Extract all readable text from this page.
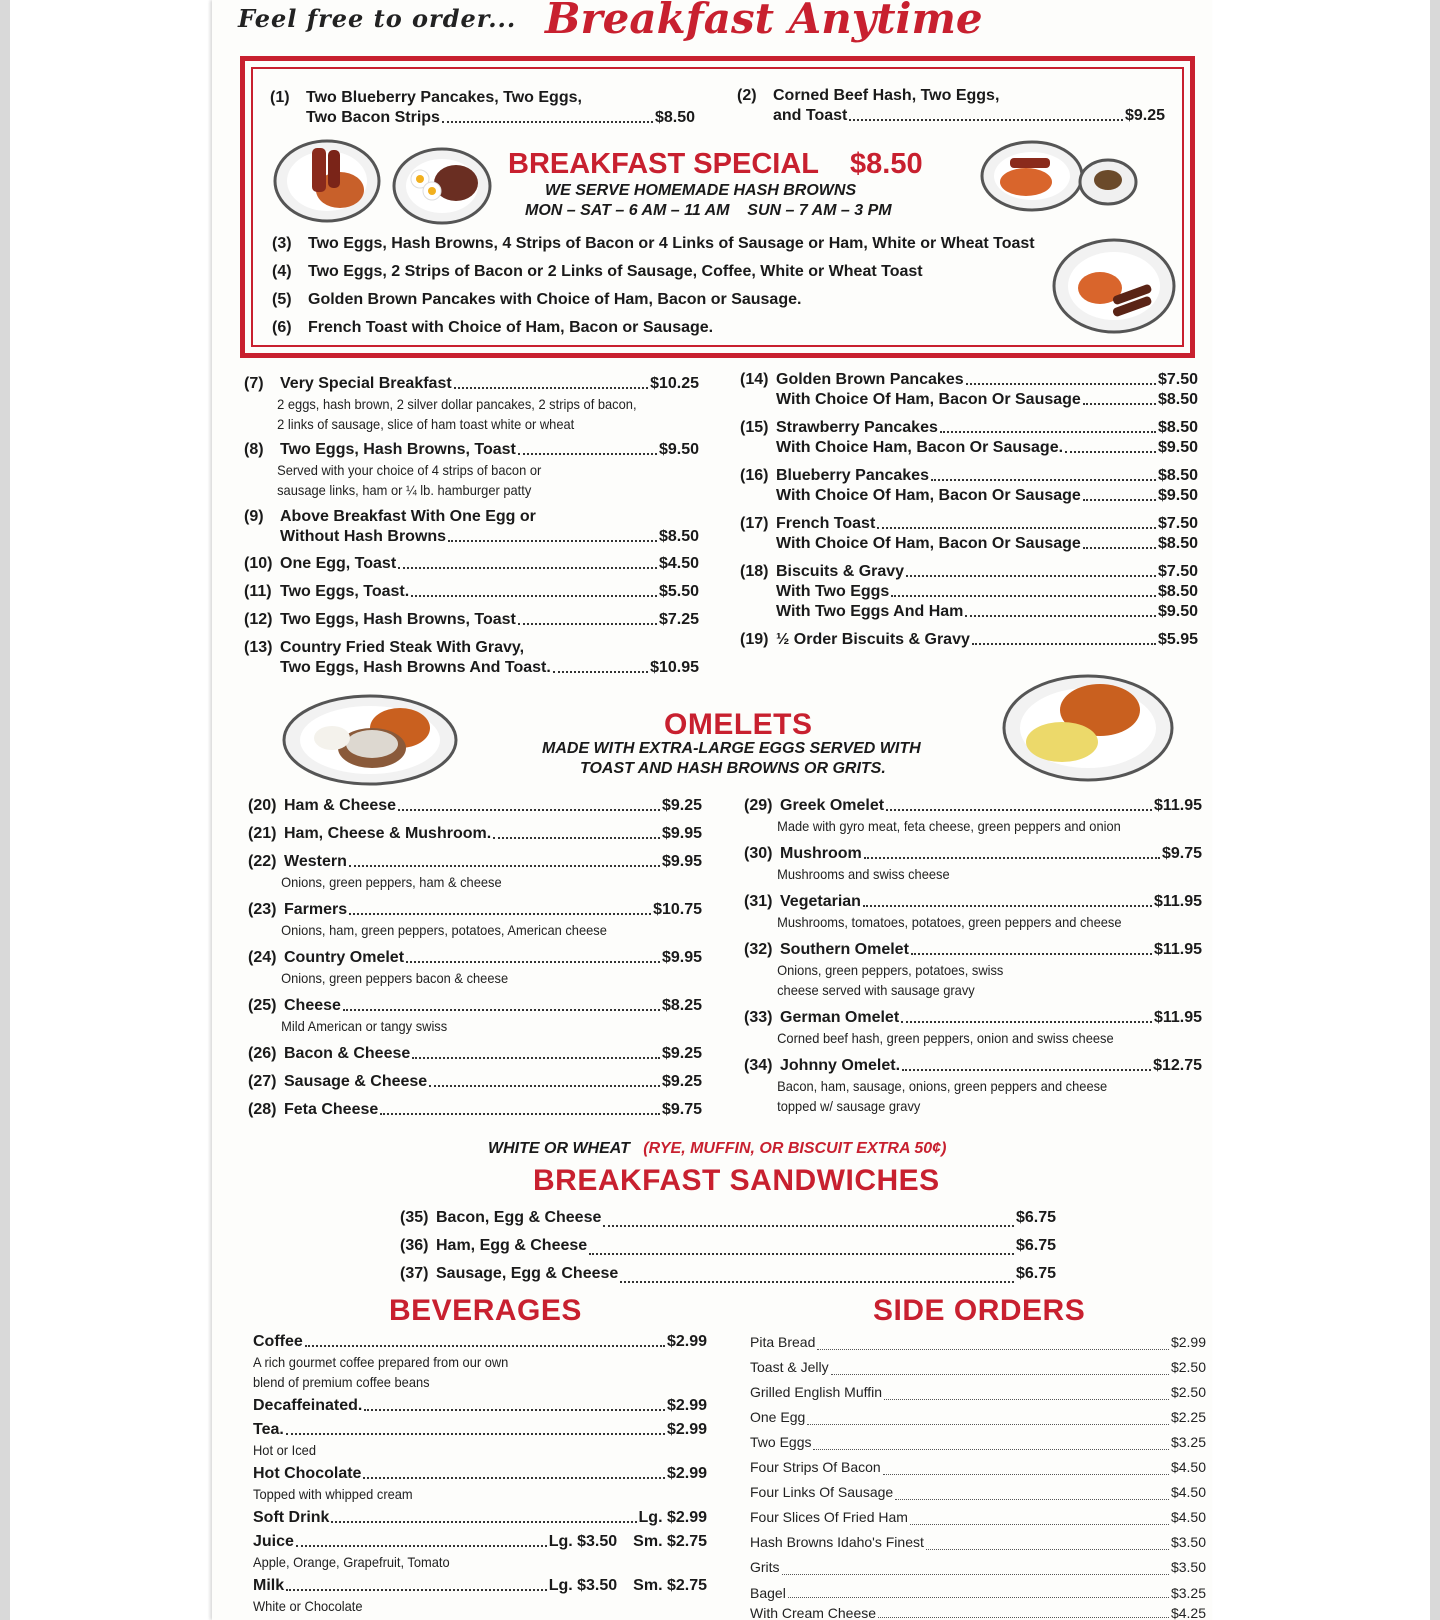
Feel free to order... Breakfast Anytime
(1)	Two Blueberry Pancakes, Two Eggs,
Two Bacon Strips	$8.50
(2)	Corned Beef Hash, Two Eggs,
and Toast	$9.25
BREAKFAST SPECIAL $8.50
WE SERVE HOMEMADE HASH BROWNS
MON – SAT – 6 AM – 11 AM    SUN – 7 AM – 3 PM
(3)	Two Eggs, Hash Browns, 4 Strips of Bacon or 4 Links of Sausage or Ham, White or Wheat Toast
(4)	Two Eggs, 2 Strips of Bacon or 2 Links of Sausage, Coffee, White or Wheat Toast
(5)	Golden Brown Pancakes with Choice of Ham, Bacon or Sausage.
(6)	French Toast with Choice of Ham, Bacon or Sausage.
(7)	Very Special Breakfast	$10.25
2 eggs, hash brown, 2 silver dollar pancakes, 2 strips of bacon,
2 links of sausage, slice of ham toast white or wheat
(8)	Two Eggs, Hash Browns, Toast	$9.50
Served with your choice of 4 strips of bacon or
sausage links, ham or ¼ lb. hamburger patty
(9)	Above Breakfast With One Egg or
Without Hash Browns	$8.50
(10) One Egg, Toast	$4.50
(11) Two Eggs, Toast.	$5.50
(12) Two Eggs, Hash Browns, Toast	$7.25
(13) Country Fried Steak With Gravy,
Two Eggs, Hash Browns And Toast.	$10.95
(14) Golden Brown Pancakes	$7.50
With Choice Of Ham, Bacon Or Sausage	$8.50
(15) Strawberry Pancakes	$8.50
With Choice Ham, Bacon Or Sausage.	$9.50
(16) Blueberry Pancakes	$8.50
With Choice Of Ham, Bacon Or Sausage	$9.50
(17) French Toast	$7.50
With Choice Of Ham, Bacon Or Sausage	$8.50
(18) Biscuits & Gravy	$7.50
With Two Eggs	$8.50
With Two Eggs And Ham	$9.50
(19) ½ Order Biscuits & Gravy	$5.95
OMELETS
MADE WITH EXTRA-LARGE EGGS SERVED WITH
TOAST AND HASH BROWNS OR GRITS.
(20) Ham & Cheese	$9.25
(21) Ham, Cheese & Mushroom.	$9.95
(22) Western	$9.95
Onions, green peppers, ham & cheese
(23) Farmers	$10.75
Onions, ham, green peppers, potatoes, American cheese
(24) Country Omelet	$9.95
Onions, green peppers bacon & cheese
(25) Cheese	$8.25
Mild American or tangy swiss
(26) Bacon & Cheese	$9.25
(27) Sausage & Cheese	$9.25
(28) Feta Cheese	$9.75
(29) Greek Omelet	$11.95
Made with gyro meat, feta cheese, green peppers and onion
(30) Mushroom	$9.75
Mushrooms and swiss cheese
(31) Vegetarian	$11.95
Mushrooms, tomatoes, potatoes, green peppers and cheese
(32) Southern Omelet	$11.95
Onions, green peppers, potatoes, swiss
cheese served with sausage gravy
(33) German Omelet	$11.95
Corned beef hash, green peppers, onion and swiss cheese
(34) Johnny Omelet.	$12.75
Bacon, ham, sausage, onions, green peppers and cheese
topped w/ sausage gravy
WHITE OR WHEAT (RYE, MUFFIN, OR BISCUIT EXTRA 50¢)
BREAKFAST SANDWICHES
(35) Bacon, Egg & Cheese	$6.75
(36) Ham, Egg & Cheese	$6.75
(37) Sausage, Egg & Cheese	$6.75
BEVERAGES
Coffee	$2.99
A rich gourmet coffee prepared from our own
blend of premium coffee beans
Decaffeinated.	$2.99
Tea.	$2.99
Hot or Iced
Hot Chocolate	$2.99
Topped with whipped cream
Soft Drink	Lg. $2.99
Juice	Lg. $3.50 Sm. $2.75
Apple, Orange, Grapefruit, Tomato
Milk	Lg. $3.50 Sm. $2.75
White or Chocolate
SIDE ORDERS
Pita Bread	$2.99
Toast & Jelly	$2.50
Grilled English Muffin	$2.50
One Egg	$2.25
Two Eggs	$3.25
Four Strips Of Bacon	$4.50
Four Links Of Sausage	$4.50
Four Slices Of Fried Ham	$4.50
Hash Browns Idaho's Finest	$3.50
Grits	$3.50
Bagel	$3.25
With Cream Cheese	$4.25
